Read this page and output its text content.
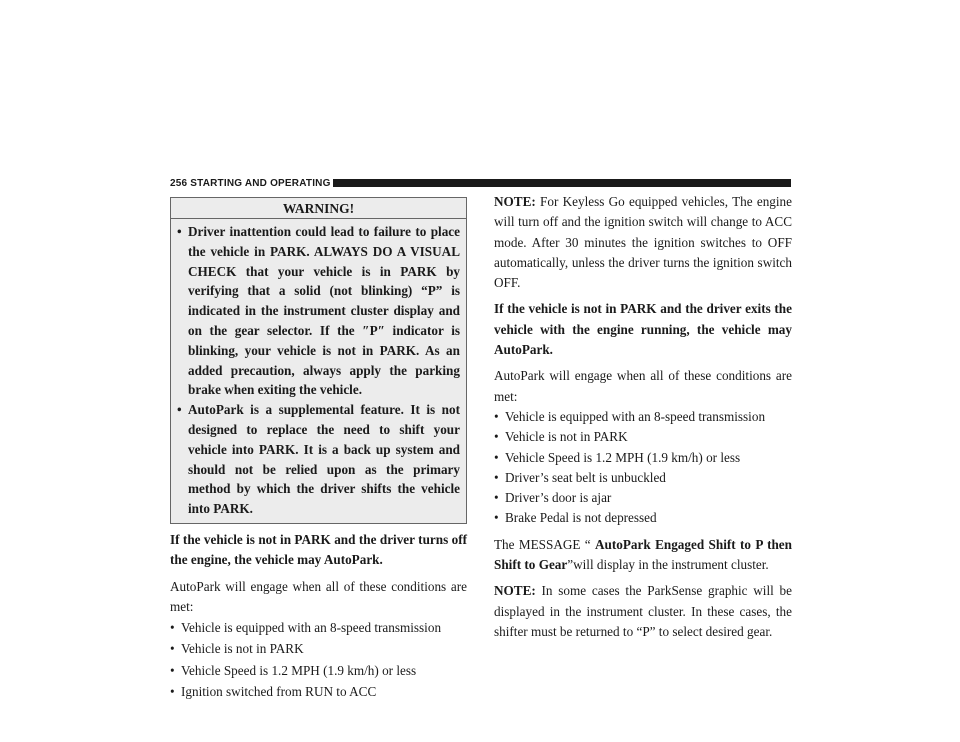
256 STARTING AND OPERATING
WARNING!
• Driver inattention could lead to failure to place the vehicle in PARK. ALWAYS DO A VISUAL CHECK that your vehicle is in PARK by verifying that a solid (not blinking) “P” is indicated in the instrument cluster display and on the gear selector. If the ″P″ indicator is blinking, your vehicle is not in PARK. As an added precaution, always apply the parking brake when exiting the vehicle.
• AutoPark is a supplemental feature. It is not designed to replace the need to shift your vehicle into PARK. It is a back up system and should not be relied upon as the primary method by which the driver shifts the vehicle into PARK.

If the vehicle is not in PARK and the driver turns off the engine, the vehicle may AutoPark.

AutoPark will engage when all of these conditions are met:

• Vehicle is equipped with an 8-speed transmission
• Vehicle is not in PARK
• Vehicle Speed is 1.2 MPH (1.9 km/h) or less
• Ignition switched from RUN to ACC

NOTE: For Keyless Go equipped vehicles, The engine will turn off and the ignition switch will change to ACC mode. After 30 minutes the ignition switches to OFF automatically, unless the driver turns the ignition switch OFF.

If the vehicle is not in PARK and the driver exits the vehicle with the engine running, the vehicle may AutoPark.

AutoPark will engage when all of these conditions are met:

• Vehicle is equipped with an 8-speed transmission
• Vehicle is not in PARK
• Vehicle Speed is 1.2 MPH (1.9 km/h) or less
• Driver’s seat belt is unbuckled
• Driver’s door is ajar
• Brake Pedal is not depressed

The MESSAGE “ AutoPark Engaged Shift to P then Shift to Gear”will display in the instrument cluster.

NOTE: In some cases the ParkSense graphic will be displayed in the instrument cluster. In these cases, the shifter must be returned to “P” to select desired gear.
